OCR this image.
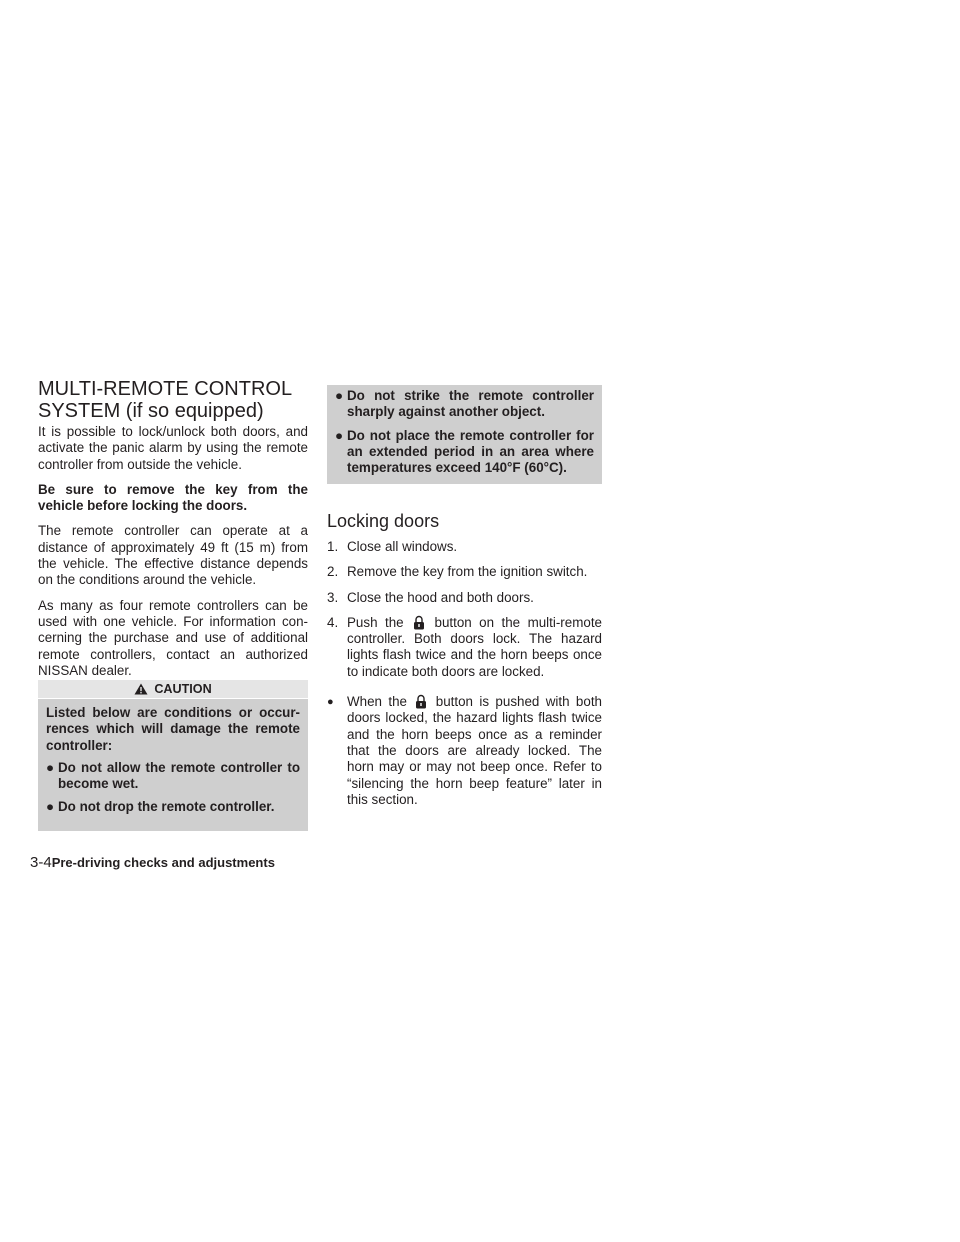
MULTI-REMOTE CONTROL SYSTEM (if so equipped)

It is possible to lock/unlock both doors, and activate the panic alarm by using the remote controller from outside the vehicle.

Be sure to remove the key from the vehicle before locking the doors.

The remote controller can operate at a distance of approximately 49 ft (15 m) from the vehicle. The effective distance depends on the conditions around the vehicle.

As many as four remote controllers can be used with one vehicle. For information con-cerning the purchase and use of additional remote controllers, contact an authorized NISSAN dealer.

CAUTION

Listed below are conditions or occur-rences which will damage the remote controller:

● Do not allow the remote controller to become wet.
● Do not drop the remote controller.
● Do not strike the remote controller sharply against another object.
● Do not place the remote controller for an extended period in an area where temperatures exceed 140°F (60°C).
Locking doors
1. Close all windows.
2. Remove the key from the ignition switch.
3. Close the hood and both doors.
4. Push the button on the multi-remote controller. Both doors lock. The hazard lights flash twice and the horn beeps once to indicate both doors are locked.
● When the button is pushed with both doors locked, the hazard lights flash twice and the horn beeps once as a reminder that the doors are already locked. The horn may or may not beep once. Refer to “silencing the horn beep feature” later in this section.
3-4Pre-driving checks and adjustments
